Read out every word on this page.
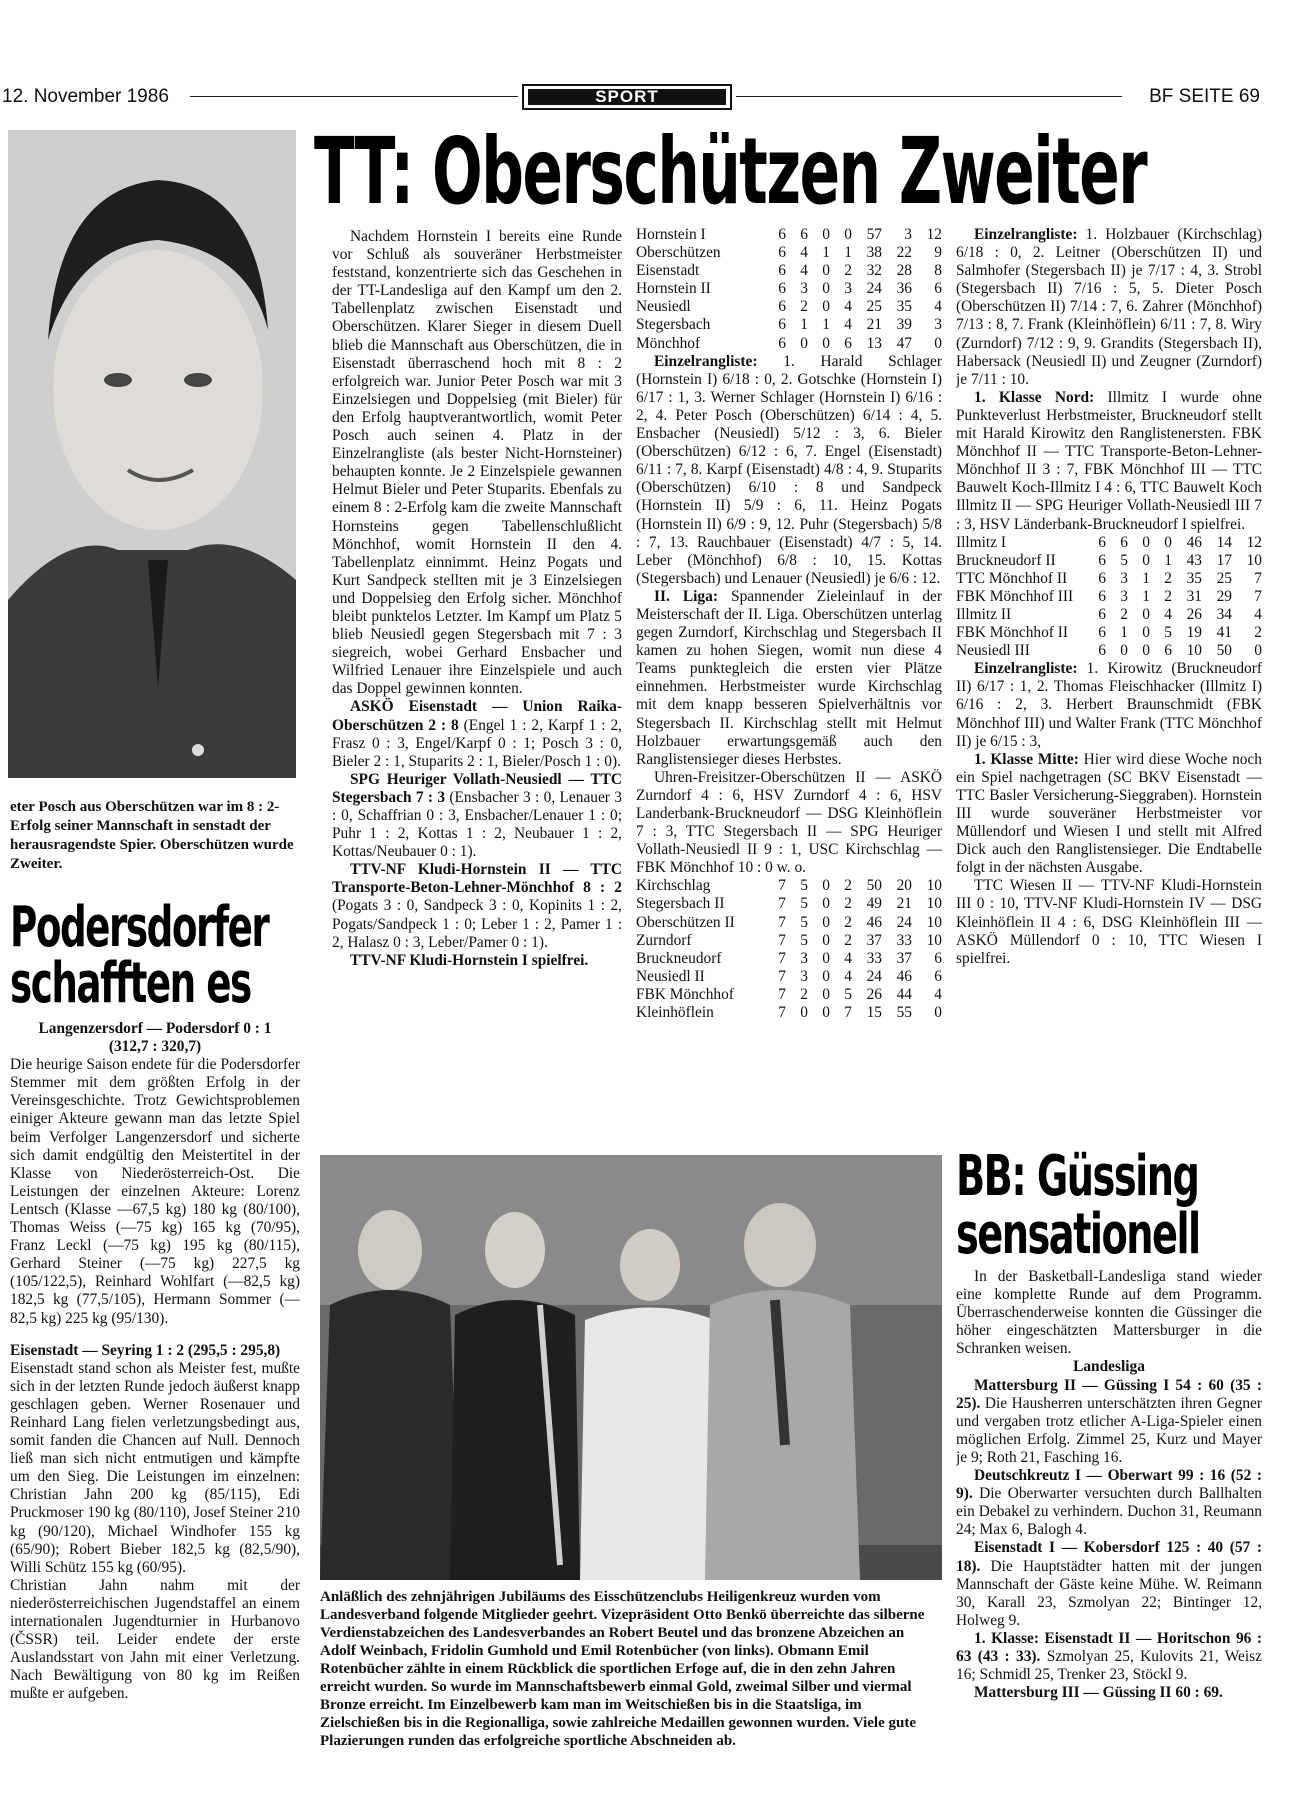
12. November 1986	SPORT	BF SEITE 69
eter Posch aus Oberschützen war im 8 : 2-Erfolg seiner Mannschaft in senstadt der herausragendste Spier. Oberschützen wurde Zweiter.
Podersdorfer
schafften es

Langenzersdorf — Podersdorf 0 : 1

(312,7 : 320,7)

Die heurige Saison endete für die Podersdorfer Stemmer mit dem größten Erfolg in der Vereinsgeschichte. Trotz Gewichtsproblemen einiger Akteure gewann man das letzte Spiel beim Verfolger Langenzersdorf und sicherte sich damit endgültig den Meistertitel in der Klasse von Niederösterreich-Ost. Die Leistungen der einzelnen Akteure: Lorenz Lentsch (Klasse —67,5 kg) 180 kg (80/100), Thomas Weiss (—75 kg) 165 kg (70/95), Franz Leckl (—75 kg) 195 kg (80/115), Gerhard Steiner (—75 kg) 227,5 kg (105/122,5), Reinhard Wohlfart (—82,5 kg) 182,5 kg (77,5/105), Hermann Sommer (—82,5 kg) 225 kg (95/130).

Eisenstadt — Seyring 1 : 2 (295,5 : 295,8)

Eisenstadt stand schon als Meister fest, mußte sich in der letzten Runde jedoch äußerst knapp geschlagen geben. Werner Rosenauer und Reinhard Lang fielen verletzungsbedingt aus, somit fanden die Chancen auf Null. Dennoch ließ man sich nicht entmutigen und kämpfte um den Sieg. Die Leistungen im einzelnen: Christian Jahn 200 kg (85/115), Edi Pruckmoser 190 kg (80/110), Josef Steiner 210 kg (90/120), Michael Windhofer 155 kg (65/90); Robert Bieber 182,5 kg (82,5/90), Willi Schütz 155 kg (60/95).

Christian Jahn nahm mit der niederösterreichischen Jugendstaffel an einem internationalen Jugendturnier in Hurbanovo (ČSSR) teil. Leider endete der erste Auslandsstart von Jahn mit einer Verletzung. Nach Bewältigung von 80 kg im Reißen mußte er aufgeben.

TT: Oberschützen Zweiter

Nachdem Hornstein I bereits eine Runde vor Schluß als souveräner Herbstmeister feststand, konzentrierte sich das Geschehen in der TT-Landesliga auf den Kampf um den 2. Tabellenplatz zwischen Eisenstadt und Oberschützen. Klarer Sieger in diesem Duell blieb die Mannschaft aus Oberschützen, die in Eisenstadt überraschend hoch mit 8 : 2 erfolgreich war. Junior Peter Posch war mit 3 Einzelsiegen und Doppelsieg (mit Bieler) für den Erfolg hauptverantwortlich, womit Peter Posch auch seinen 4. Platz in der Einzelrangliste (als bester Nicht-Hornsteiner) behaupten konnte. Je 2 Einzelspiele gewannen Helmut Bieler und Peter Stuparits. Ebenfals zu einem 8 : 2-Erfolg kam die zweite Mannschaft Hornsteins gegen Tabellenschlußlicht Mönchhof, womit Hornstein II den 4. Tabellenplatz einnimmt. Heinz Pogats und Kurt Sandpeck stellten mit je 3 Einzelsiegen und Doppelsieg den Erfolg sicher. Mönchhof bleibt punktelos Letzter. Im Kampf um Platz 5 blieb Neusiedl gegen Stegersbach mit 7 : 3 siegreich, wobei Gerhard Ensbacher und Wilfried Lenauer ihre Einzelspiele und auch das Doppel gewinnen konnten.

ASKÖ Eisenstadt — Union Raika-Oberschützen 2 : 8 (Engel 1 : 2, Karpf 1 : 2, Frasz 0 : 3, Engel/Karpf 0 : 1; Posch 3 : 0, Bieler 2 : 1, Stuparits 2 : 1, Bieler/Posch 1 : 0).

SPG Heuriger Vollath-Neusiedl — TTC Stegersbach 7 : 3 (Ensbacher 3 : 0, Lenauer 3 : 0, Schaffrian 0 : 3, Ensbacher/Lenauer 1 : 0; Puhr 1 : 2, Kottas 1 : 2, Neubauer 1 : 2, Kottas/Neubauer 0 : 1).

TTV-NF Kludi-Hornstein II — TTC Transporte-Beton-Lehner-Mönchhof 8 : 2 (Pogats 3 : 0, Sandpeck 3 : 0, Kopinits 1 : 2, Pogats/Sandpeck 1 : 0; Leber 1 : 2, Pamer 1 : 2, Halasz 0 : 3, Leber/Pamer 0 : 1).

TTV-NF Kludi-Hornstein I spielfrei.

Hornstein I	6	6	0	0	57	3	12
Oberschützen	6	4	1	1	38	22	9
Eisenstadt	6	4	0	2	32	28	8
Hornstein II	6	3	0	3	24	36	6
Neusiedl	6	2	0	4	25	35	4
Stegersbach	6	1	1	4	21	39	3
Mönchhof	6	0	0	6	13	47	0

Einzelrangliste: 1. Harald Schlager (Hornstein I) 6/18 : 0, 2. Gotschke (Hornstein I) 6/17 : 1, 3. Werner Schlager (Hornstein I) 6/16 : 2, 4. Peter Posch (Oberschützen) 6/14 : 4, 5. Ensbacher (Neusiedl) 5/12 : 3, 6. Bieler (Oberschützen) 6/12 : 6, 7. Engel (Eisenstadt) 6/11 : 7, 8. Karpf (Eisenstadt) 4/8 : 4, 9. Stuparits (Oberschützen) 6/10 : 8 und Sandpeck (Hornstein II) 5/9 : 6, 11. Heinz Pogats (Hornstein II) 6/9 : 9, 12. Puhr (Stegersbach) 5/8 : 7, 13. Rauchbauer (Eisenstadt) 4/7 : 5, 14. Leber (Mönchhof) 6/8 : 10, 15. Kottas (Stegersbach) und Lenauer (Neusiedl) je 6/6 : 12.

II. Liga: Spannender Zieleinlauf in der Meisterschaft der II. Liga. Oberschützen unterlag gegen Zurndorf, Kirchschlag und Stegersbach II kamen zu hohen Siegen, womit nun diese 4 Teams punktegleich die ersten vier Plätze einnehmen. Herbstmeister wurde Kirchschlag mit dem knapp besseren Spielverhältnis vor Stegersbach II. Kirchschlag stellt mit Helmut Holzbauer erwartungsgemäß auch den Ranglistensieger dieses Herbstes.

Uhren-Freisitzer-Oberschützen II — ASKÖ Zurndorf 4 : 6, HSV Zurndorf 4 : 6, HSV Landerbank-Bruckneudorf — DSG Kleinhöflein 7 : 3, TTC Stegersbach II — SPG Heuriger Vollath-Neusiedl II 9 : 1, USC Kirchschlag — FBK Mönchhof 10 : 0 w. o.

Kirchschlag	7	5	0	2	50	20	10
Stegersbach II	7	5	0	2	49	21	10
Oberschützen II	7	5	0	2	46	24	10
Zurndorf	7	5	0	2	37	33	10
Bruckneudorf	7	3	0	4	33	37	6
Neusiedl II	7	3	0	4	24	46	6
FBK Mönchhof	7	2	0	5	26	44	4
Kleinhöflein	7	0	0	7	15	55	0

Einzelrangliste: 1. Holzbauer (Kirchschlag) 6/18 : 0, 2. Leitner (Oberschützen II) und Salmhofer (Stegersbach II) je 7/17 : 4, 3. Strobl (Stegersbach II) 7/16 : 5, 5. Dieter Posch (Oberschützen II) 7/14 : 7, 6. Zahrer (Mönchhof) 7/13 : 8, 7. Frank (Kleinhöflein) 6/11 : 7, 8. Wiry (Zurndorf) 7/12 : 9, 9. Grandits (Stegersbach II), Habersack (Neusiedl II) und Zeugner (Zurndorf) je 7/11 : 10.

1. Klasse Nord: Illmitz I wurde ohne Punkteverlust Herbstmeister, Bruckneudorf stellt mit Harald Kirowitz den Ranglistenersten. FBK Mönchhof II — TTC Transporte-Beton-Lehner-Mönchhof II 3 : 7, FBK Mönchhof III — TTC Bauwelt Koch-Illmitz I 4 : 6, TTC Bauwelt Koch Illmitz II — SPG Heuriger Vollath-Neusiedl III 7 : 3, HSV Länderbank-Bruckneudorf I spielfrei.

Illmitz I	6	6	0	0	46	14	12
Bruckneudorf II	6	5	0	1	43	17	10
TTC Mönchhof II	6	3	1	2	35	25	7
FBK Mönchhof III	6	3	1	2	31	29	7
Illmitz II	6	2	0	4	26	34	4
FBK Mönchhof II	6	1	0	5	19	41	2
Neusiedl III	6	0	0	6	10	50	0

Einzelrangliste: 1. Kirowitz (Bruckneudorf II) 6/17 : 1, 2. Thomas Fleischhacker (Illmitz I) 6/16 : 2, 3. Herbert Braunschmidt (FBK Mönchhof III) und Walter Frank (TTC Mönchhof II) je 6/15 : 3,

1. Klasse Mitte: Hier wird diese Woche noch ein Spiel nachgetragen (SC BKV Eisenstadt — TTC Basler Versicherung-Sieggraben). Hornstein III wurde souveräner Herbstmeister vor Müllendorf und Wiesen I und stellt mit Alfred Dick auch den Ranglistensieger. Die Endtabelle folgt in der nächsten Ausgabe.

TTC Wiesen II — TTV-NF Kludi-Hornstein III 0 : 10, TTV-NF Kludi-Hornstein IV — DSG Kleinhöflein II 4 : 6, DSG Kleinhöflein III — ASKÖ Müllendorf 0 : 10, TTC Wiesen I spielfrei.

Anläßlich des zehnjährigen Jubiläums des Eisschützenclubs Heiligenkreuz wurden vom Landesverband folgende Mitglieder geehrt. Vizepräsident Otto Benkö überreichte das silberne Verdienstabzeichen des Landesverbandes an Robert Beutel und das bronzene Abzeichen an Adolf Weinbach, Fridolin Gumhold und Emil Rotenbücher (von links). Obmann Emil Rotenbücher zählte in einem Rückblick die sportlichen Erfoge auf, die in den zehn Jahren erreicht wurden. So wurde im Mannschaftsbewerb einmal Gold, zweimal Silber und viermal Bronze erreicht. Im Einzelbewerb kam man im Weitschießen bis in die Staatsliga, im Zielschießen bis in die Regionalliga, sowie zahlreiche Medaillen gewonnen wurden. Viele gute Plazierungen runden das erfolgreiche sportliche Abschneiden ab.
BB: Güssing
sensationell

In der Basketball-Landesliga stand wieder eine komplette Runde auf dem Programm. Überraschenderweise konnten die Güssinger die höher eingeschätzten Mattersburger in die Schranken weisen.

Landesliga

Mattersburg II — Güssing I 54 : 60 (35 : 25). Die Hausherren unterschätzten ihren Gegner und vergaben trotz etlicher A-Liga-Spieler einen möglichen Erfolg. Zimmel 25, Kurz und Mayer je 9; Roth 21, Fasching 16.

Deutschkreutz I — Oberwart 99 : 16 (52 : 9). Die Oberwarter versuchten durch Ballhalten ein Debakel zu verhindern. Duchon 31, Reumann 24; Max 6, Balogh 4.

Eisenstadt I — Kobersdorf 125 : 40 (57 : 18). Die Hauptstädter hatten mit der jungen Mannschaft der Gäste keine Mühe. W. Reimann 30, Karall 23, Szmolyan 22; Bintinger 12, Holweg 9.

1. Klasse: Eisenstadt II — Horitschon 96 : 63 (43 : 33). Szmolyan 25, Kulovits 21, Weisz 16; Schmidl 25, Trenker 23, Stöckl 9.

Mattersburg III — Güssing II 60 : 69.
